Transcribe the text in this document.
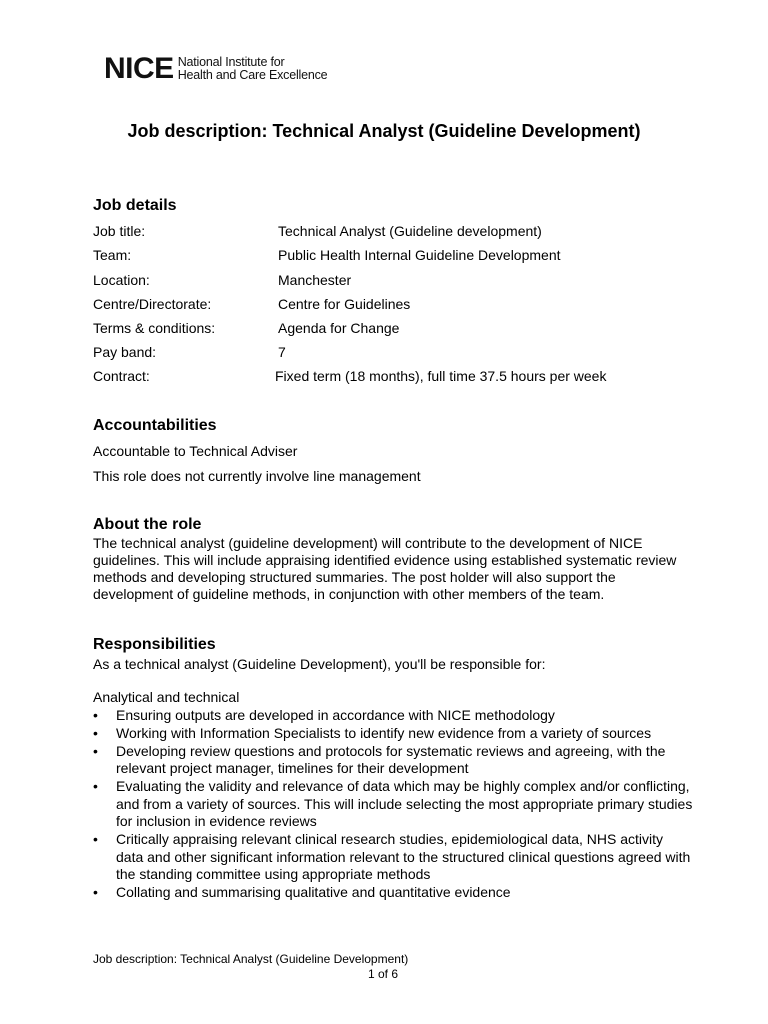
NICE National Institute for
Health and Care Excellence
Job description: Technical Analyst (Guideline Development)
Job details
Job title:	Technical Analyst (Guideline development)
Team:	Public Health Internal Guideline Development
Location:	Manchester
Centre/Directorate:	Centre for Guidelines
Terms & conditions:	Agenda for Change
Pay band:	7
Contract:	Fixed term (18 months), full time 37.5 hours per week
Accountabilities
Accountable to Technical Adviser
This role does not currently involve line management
About the role
The technical analyst (guideline development) will contribute to the development of NICE guidelines. This will include appraising identified evidence using established systematic review methods and developing structured summaries. The post holder will also support the development of guideline methods, in conjunction with other members of the team.
Responsibilities
As a technical analyst (Guideline Development), you'll be responsible for:
Analytical and technical
• Ensuring outputs are developed in accordance with NICE methodology
• Working with Information Specialists to identify new evidence from a variety of sources
• Developing review questions and protocols for systematic reviews and agreeing, with the relevant project manager, timelines for their development
• Evaluating the validity and relevance of data which may be highly complex and/or conflicting, and from a variety of sources. This will include selecting the most appropriate primary studies for inclusion in evidence reviews
• Critically appraising relevant clinical research studies, epidemiological data, NHS activity data and other significant information relevant to the structured clinical questions agreed with the standing committee using appropriate methods
• Collating and summarising qualitative and quantitative evidence
Job description: Technical Analyst (Guideline Development)
1 of 6
